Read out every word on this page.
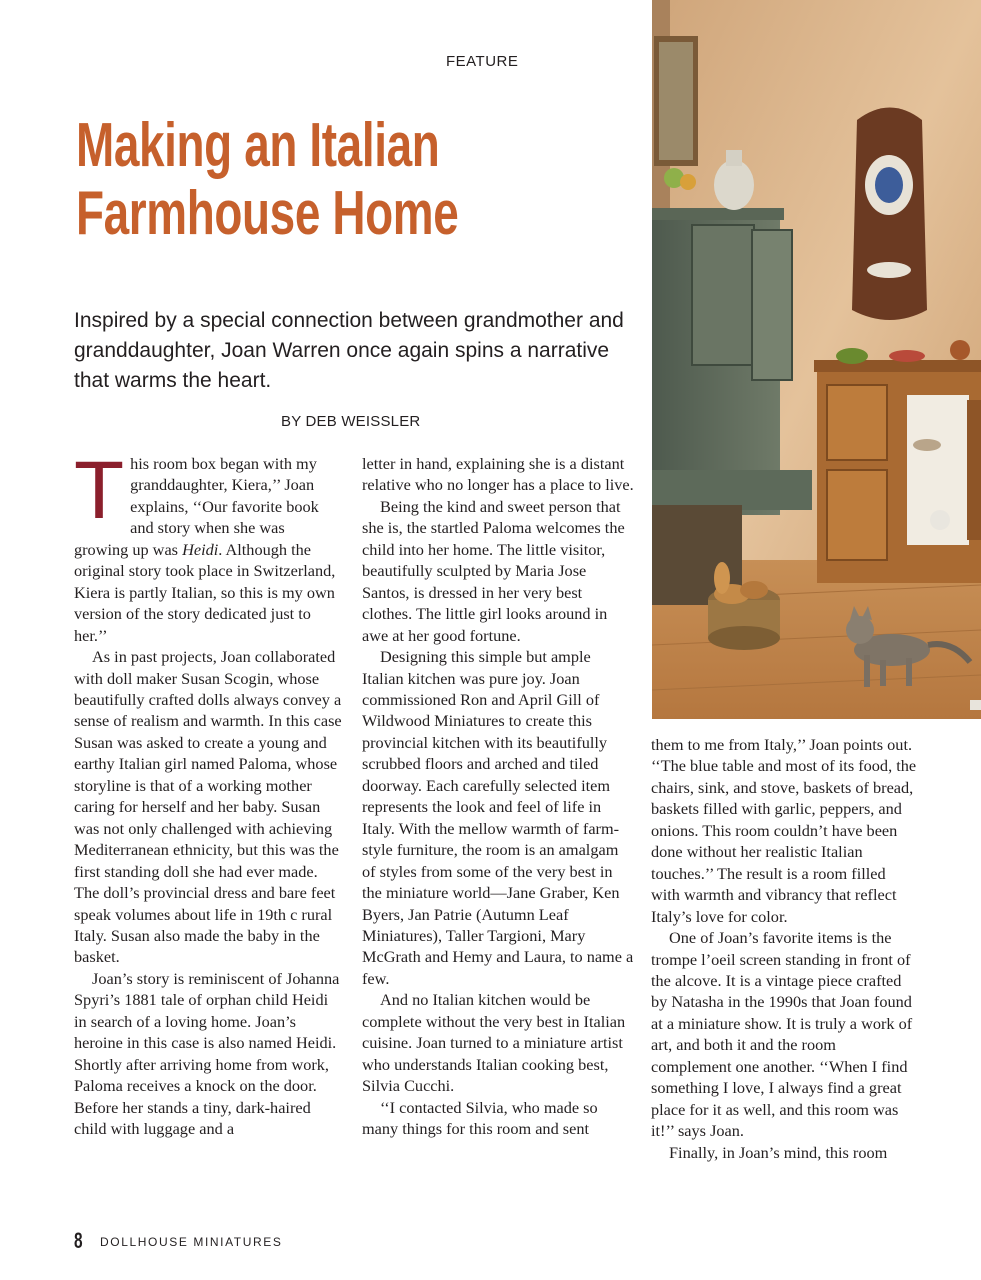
FEATURE
Making an Italian
Farmhouse Home

Inspired by a special connection between grandmother and granddaughter, Joan Warren once again spins a narrative that warms the heart.

BY DEB WEISSLER

This room box began with my granddaughter, Kiera,’’ Joan explains, ‘‘Our favorite book and story when she was growing up was Heidi. Although the original story took place in Switzerland, Kiera is partly Italian, so this is my own version of the story dedicated just to her.’’

As in past projects, Joan collaborated with doll maker Susan Scogin, whose beautifully crafted dolls always convey a sense of realism and warmth. In this case Susan was asked to create a young and earthy Italian girl named Paloma, whose storyline is that of a working mother caring for herself and her baby. Susan was not only challenged with achieving Mediterranean ethnicity, but this was the first standing doll she had ever made. The doll’s provincial dress and bare feet speak volumes about life in 19th c rural Italy. Susan also made the baby in the basket.

Joan’s story is reminiscent of Johanna Spyri’s 1881 tale of orphan child Heidi in search of a loving home. Joan’s heroine in this case is also named Heidi. Shortly after arriving home from work, Paloma receives a knock on the door. Before her stands a tiny, dark-haired child with luggage and a

letter in hand, explaining she is a distant relative who no longer has a place to live.

Being the kind and sweet person that she is, the startled Paloma welcomes the child into her home. The little visitor, beautifully sculpted by Maria Jose Santos, is dressed in her very best clothes. The little girl looks around in awe at her good fortune.

Designing this simple but ample Italian kitchen was pure joy. Joan commissioned Ron and April Gill of Wildwood Miniatures to create this provincial kitchen with its beautifully scrubbed floors and arched and tiled doorway. Each carefully selected item represents the look and feel of life in Italy. With the mellow warmth of farm-style furniture, the room is an amalgam of styles from some of the very best in the miniature world—Jane Graber, Ken Byers, Jan Patrie (Autumn Leaf Miniatures), Taller Targioni, Mary McGrath and Hemy and Laura, to name a few.

And no Italian kitchen would be complete without the very best in Italian cuisine. Joan turned to a miniature artist who understands Italian cooking best, Silvia Cucchi.

‘‘I contacted Silvia, who made so many things for this room and sent

them to me from Italy,’’ Joan points out. ‘‘The blue table and most of its food, the chairs, sink, and stove, baskets of bread, baskets filled with garlic, peppers, and onions. This room couldn’t have been done without her realistic Italian touches.’’ The result is a room filled with warmth and vibrancy that reflect Italy’s love for color.

One of Joan’s favorite items is the trompe l’oeil screen standing in front of the alcove. It is a vintage piece crafted by Natasha in the 1990s that Joan found at a miniature show. It is truly a work of art, and both it and the room complement one another. ‘‘When I find something I love, I always find a great place for it as well, and this room was it!’’ says Joan.

Finally, in Joan’s mind, this room

8 DOLLHOUSE MINIATURES
